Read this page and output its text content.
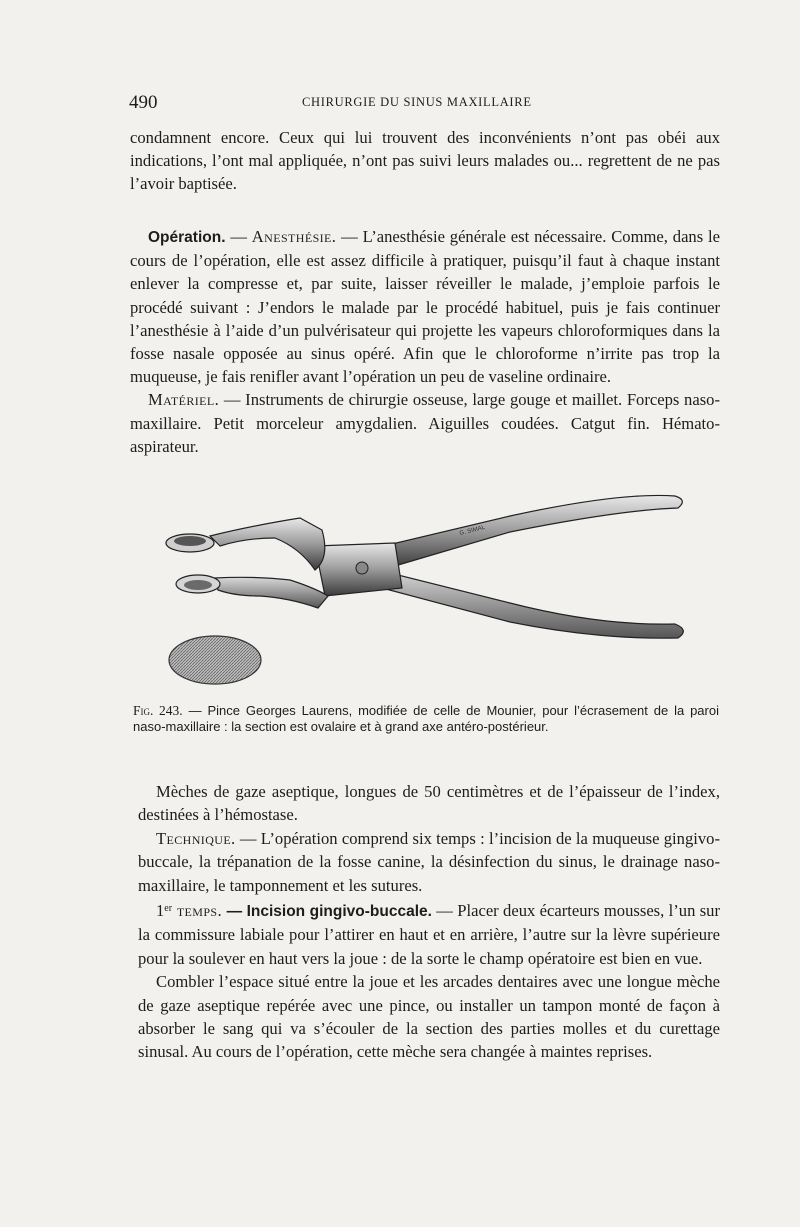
490	CHIRURGIE DU SINUS MAXILLAIRE

condamnent encore. Ceux qui lui trouvent des inconvénients n’ont pas obéi aux indications, l’ont mal appliquée, n’ont pas suivi leurs malades ou... regrettent de ne pas l’avoir baptisée.

Opération. — Anesthésie. — L’anesthésie générale est nécessaire. Comme, dans le cours de l’opération, elle est assez difficile à pratiquer, puisqu’il faut à chaque instant enlever la compresse et, par suite, laisser réveiller le malade, j’emploie parfois le procédé suivant : J’endors le malade par le procédé habituel, puis je fais continuer l’anesthésie à l’aide d’un pulvérisateur qui projette les vapeurs chloroformiques dans la fosse nasale opposée au sinus opéré. Afin que le chloroforme n’irrite pas trop la muqueuse, je fais renifler avant l’opération un peu de vaseline ordinaire.

Matériel. — Instruments de chirurgie osseuse, large gouge et maillet. Forceps naso-maxillaire. Petit morceleur amygdalien. Aiguilles coudées. Catgut fin. Hémato-aspirateur.

G. SIMAL
Fig. 243. — Pince Georges Laurens, modifiée de celle de Mounier, pour l’écrasement de la paroi naso-maxillaire : la section est ovalaire et à grand axe antéro-postérieur.

Mèches de gaze aseptique, longues de 50 centimètres et de l’épaisseur de l’index, destinées à l’hémostase.

Technique. — L’opération comprend six temps : l’incision de la muqueuse gingivo-buccale, la trépanation de la fosse canine, la désinfection du sinus, le drainage naso-maxillaire, le tamponnement et les sutures.

1er temps. — Incision gingivo-buccale. — Placer deux écarteurs mousses, l’un sur la commissure labiale pour l’attirer en haut et en arrière, l’autre sur la lèvre supérieure pour la soulever en haut vers la joue : de la sorte le champ opératoire est bien en vue.

Combler l’espace situé entre la joue et les arcades dentaires avec une longue mèche de gaze aseptique repérée avec une pince, ou installer un tampon monté de façon à absorber le sang qui va s’écouler de la section des parties molles et du curettage sinusal. Au cours de l’opération, cette mèche sera changée à maintes reprises.
